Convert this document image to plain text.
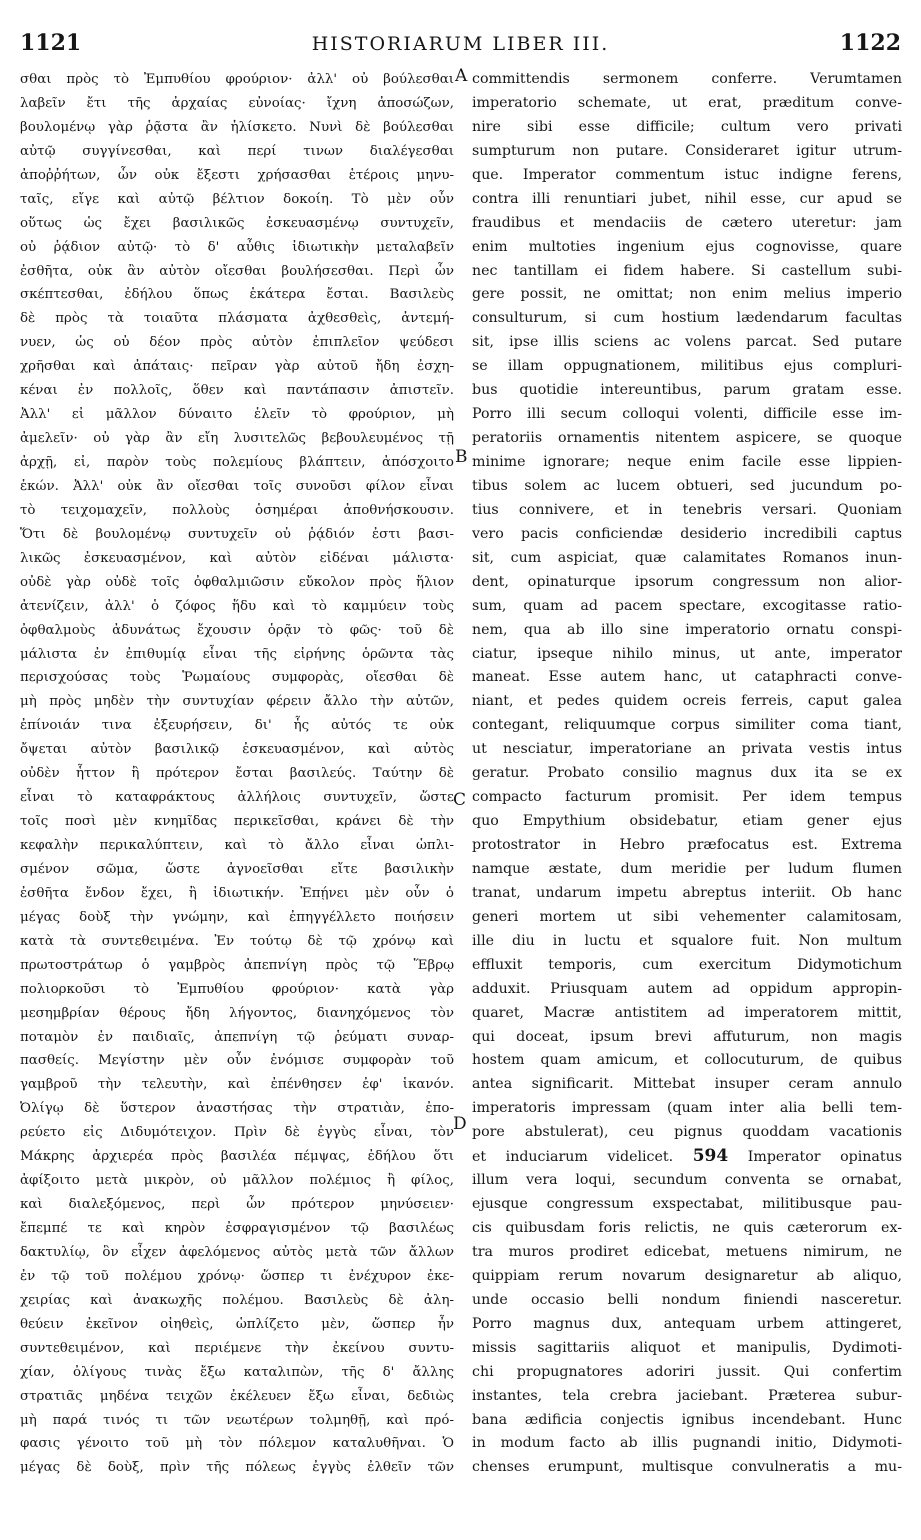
1121	HISTORIARUM LIBER III.	1122
σθαι πρὸς τὸ Ἐμπυθίου φρούριον· ἀλλ' οὐ βούλεσθαι
λαβεῖν ἔτι τῆς ἀρχαίας εὐνοίας· ἴχνη ἀποσώζων,
βουλομένῳ γὰρ ῥᾷστα ἂν ἡλίσκετο. Νυνὶ δὲ βούλεσθαι
αὐτῷ συγγίνεσθαι, καὶ περί τινων διαλέγεσθαι
ἀποῤῥήτων, ὧν οὐκ ἔξεστι χρήσασθαι ἑτέροις μηνυ-
ταῖς, εἴγε καὶ αὐτῷ βέλτιον δοκοίη. Τὸ μὲν οὖν
οὕτως ὡς ἔχει βασιλικῶς ἐσκευασμένῳ συντυχεῖν,
οὐ ῥᾴδιον αὐτῷ· τὸ δ' αὖθις ἰδιωτικὴν μεταλαβεῖν
ἐσθῆτα, οὐκ ἂν αὐτὸν οἴεσθαι βουλήσεσθαι. Περὶ ὧν
σκέπτεσθαι, ἐδήλου ὅπως ἑκάτερα ἔσται. Βασιλεὺς
δὲ πρὸς τὰ τοιαῦτα πλάσματα ἀχθεσθεὶς, ἀντεμή-
νυεν, ὡς οὐ δέον πρὸς αὐτὸν ἐπιπλεῖον ψεύδεσι
χρῆσθαι καὶ ἀπάταις· πεῖραν γὰρ αὐτοῦ ἤδη ἐσχη-
κέναι ἐν πολλοῖς, ὅθεν καὶ παντάπασιν ἀπιστεῖν.
Ἀλλ' εἰ μᾶλλον δύναιτο ἑλεῖν τὸ φρούριον, μὴ
ἀμελεῖν· οὐ γὰρ ἂν εἴη λυσιτελῶς βεβουλευμένος τῇ
ἀρχῇ, εἰ, παρὸν τοὺς πολεμίους βλάπτειν, ἀπόσχοιτο
ἑκών. Ἀλλ' οὐκ ἂν οἴεσθαι τοῖς συνοῦσι φίλον εἶναι
τὸ τειχομαχεῖν, πολλοὺς ὁσημέραι ἀποθνήσκουσιν.
Ὅτι δὲ βουλομένῳ συντυχεῖν οὐ ῥᾴδιόν ἐστι βασι-
λικῶς ἐσκευασμένον, καὶ αὐτὸν εἰδέναι μάλιστα·
οὐδὲ γὰρ οὐδὲ τοῖς ὀφθαλμιῶσιν εὔκολον πρὸς ἥλιον
ἀτενίζειν, ἀλλ' ὁ ζόφος ἥδυ καὶ τὸ καμμύειν τοὺς
ὀφθαλμοὺς ἀδυνάτως ἔχουσιν ὁρᾷν τὸ φῶς· τοῦ δὲ
μάλιστα ἐν ἐπιθυμίᾳ εἶναι τῆς εἰρήνης ὁρῶντα τὰς
περισχούσας τοὺς Ῥωμαίους συμφορὰς, οἴεσθαι δὲ
μὴ πρὸς μηδὲν τὴν συντυχίαν φέρειν ἄλλο τὴν αὐτῶν,
ἐπίνοιάν τινα ἐξευρήσειν, δι' ἧς αὐτός τε οὐκ
ὄψεται αὐτὸν βασιλικῷ ἐσκευασμένον, καὶ αὐτὸς
οὐδὲν ἧττον ἢ πρότερον ἔσται βασιλεύς. Ταύτην δὲ
εἶναι τὸ καταφράκτους ἀλλήλοις συντυχεῖν, ὥστε
τοῖς ποσὶ μὲν κνημῖδας περικεῖσθαι, κράνει δὲ τὴν
κεφαλὴν περικαλύπτειν, καὶ τὸ ἄλλο εἶναι ὡπλι-
σμένον σῶμα, ὥστε ἀγνοεῖσθαι εἴτε βασιλικὴν
ἐσθῆτα ἔνδον ἔχει, ἢ ἰδιωτικήν. Ἐπῄνει μὲν οὖν ὁ
μέγας δοὺξ τὴν γνώμην, καὶ ἐπηγγέλλετο ποιήσειν
κατὰ τὰ συντεθειμένα. Ἐν τούτῳ δὲ τῷ χρόνῳ καὶ
πρωτοστράτωρ ὁ γαμβρὸς ἀπεπνίγη πρὸς τῷ Ἕβρῳ
πολιορκοῦσι τὸ Ἐμπυθίου φρούριον· κατὰ γὰρ
μεσημβρίαν θέρους ἤδη λήγοντος, διανηχόμενος τὸν
ποταμὸν ἐν παιδιαῖς, ἀπεπνίγη τῷ ῥεύματι συναρ-
πασθείς. Μεγίστην μὲν οὖν ἐνόμισε συμφορὰν τοῦ
γαμβροῦ τὴν τελευτὴν, καὶ ἐπένθησεν ἐφ' ἱκανόν.
Ὀλίγῳ δὲ ὕστερον ἀναστήσας τὴν στρατιὰν, ἐπο-
ρεύετο εἰς Διδυμότειχον. Πρὶν δὲ ἐγγὺς εἶναι, τὸν
Μάκρης ἀρχιερέα πρὸς βασιλέα πέμψας, ἐδήλου ὅτι
ἀφίξοιτο μετὰ μικρὸν, οὐ μᾶλλον πολέμιος ἢ φίλος,
καὶ διαλεξόμενος, περὶ ὧν πρότερον μηνύσειεν·
ἔπεμπέ τε καὶ κηρὸν ἐσφραγισμένον τῷ βασιλέως
δακτυλίῳ, ὃν εἶχεν ἀφελόμενος αὐτὸς μετὰ τῶν ἄλλων
ἐν τῷ τοῦ πολέμου χρόνῳ· ὥσπερ τι ἐνέχυρον ἐκε-
χειρίας καὶ ἀνακωχῆς πολέμου. Βασιλεὺς δὲ ἀλη-
θεύειν ἐκεῖνον οἰηθεὶς, ὡπλίζετο μὲν, ὥσπερ ἦν
συντεθειμένον, καὶ περιέμενε τὴν ἐκείνου συντυ-
χίαν, ὀλίγους τινὰς ἔξω καταλιπὼν, τῆς δ' ἄλλης
στρατιᾶς μηδένα τειχῶν ἐκέλευεν ἔξω εἶναι, δεδιὼς
μὴ παρά τινός τι τῶν νεωτέρων τολμηθῇ, καὶ πρό-
φασις γένοιτο τοῦ μὴ τὸν πόλεμον καταλυθῆναι. Ὁ
μέγας δὲ δοὺξ, πρὶν τῆς πόλεως ἐγγὺς ἐλθεῖν τῶν
committendis sermonem conferre. Verumtamen
imperatorio schemate, ut erat, præditum conve-
nire sibi esse difficile; cultum vero privati
sumpturum non putare. Consideraret igitur utrum-
que. Imperator commentum istuc indigne ferens,
contra illi renuntiari jubet, nihil esse, cur apud se
fraudibus et mendaciis de cætero uteretur: jam
enim multoties ingenium ejus cognovisse, quare
nec tantillam ei fidem habere. Si castellum subi-
gere possit, ne omittat; non enim melius imperio
consulturum, si cum hostium lædendarum facultas
sit, ipse illis sciens ac volens parcat. Sed putare
se illam oppugnationem, militibus ejus compluri-
bus quotidie intereuntibus, parum gratam esse.
Porro illi secum colloqui volenti, difficile esse im-
peratoriis ornamentis nitentem aspicere, se quoque
minime ignorare; neque enim facile esse lippien-
tibus solem ac lucem obtueri, sed jucundum po-
tius connivere, et in tenebris versari. Quoniam
vero pacis conficiendæ desiderio incredibili captus
sit, cum aspiciat, quæ calamitates Romanos inun-
dent, opinaturque ipsorum congressum non alior-
sum, quam ad pacem spectare, excogitasse ratio-
nem, qua ab illo sine imperatorio ornatu conspi-
ciatur, ipseque nihilo minus, ut ante, imperator
maneat. Esse autem hanc, ut cataphracti conve-
niant, et pedes quidem ocreis ferreis, caput galea
contegant, reliquumque corpus similiter coma tiant,
ut nesciatur, imperatoriane an privata vestis intus
geratur. Probato consilio magnus dux ita se ex
compacto facturum promisit. Per idem tempus
quo Empythium obsidebatur, etiam gener ejus
protostrator in Hebro præfocatus est. Extrema
namque æstate, dum meridie per ludum flumen
tranat, undarum impetu abreptus interiit. Ob hanc
generi mortem ut sibi vehementer calamitosam,
ille diu in luctu et squalore fuit. Non multum
effluxit temporis, cum exercitum Didymotichum
adduxit. Priusquam autem ad oppidum appropin-
quaret, Macræ antistitem ad imperatorem mittit,
qui doceat, ipsum brevi affuturum, non magis
hostem quam amicum, et collocuturum, de quibus
antea significarit. Mittebat insuper ceram annulo
imperatoris impressam (quam inter alia belli tem-
pore abstulerat), ceu pignus quoddam vacationis
et induciarum videlicet. 594 Imperator opinatus
illum vera loqui, secundum conventa se ornabat,
ejusque congressum exspectabat, militibusque pau-
cis quibusdam foris relictis, ne quis cæterorum ex-
tra muros prodiret edicebat, metuens nimirum, ne
quippiam rerum novarum designaretur ab aliquo,
unde occasio belli nondum finiendi nasceretur.
Porro magnus dux, antequam urbem attingeret,
missis sagittariis aliquot et manipulis, Dydimoti-
chi propugnatores adoriri jussit. Qui confertim
instantes, tela crebra jaciebant. Præterea subur-
bana ædificia conjectis ignibus incendebant. Hunc
in modum facto ab illis pugnandi initio, Didymoti-
chenses erumpunt, multisque convulneratis a mu-
A
B
C
D
